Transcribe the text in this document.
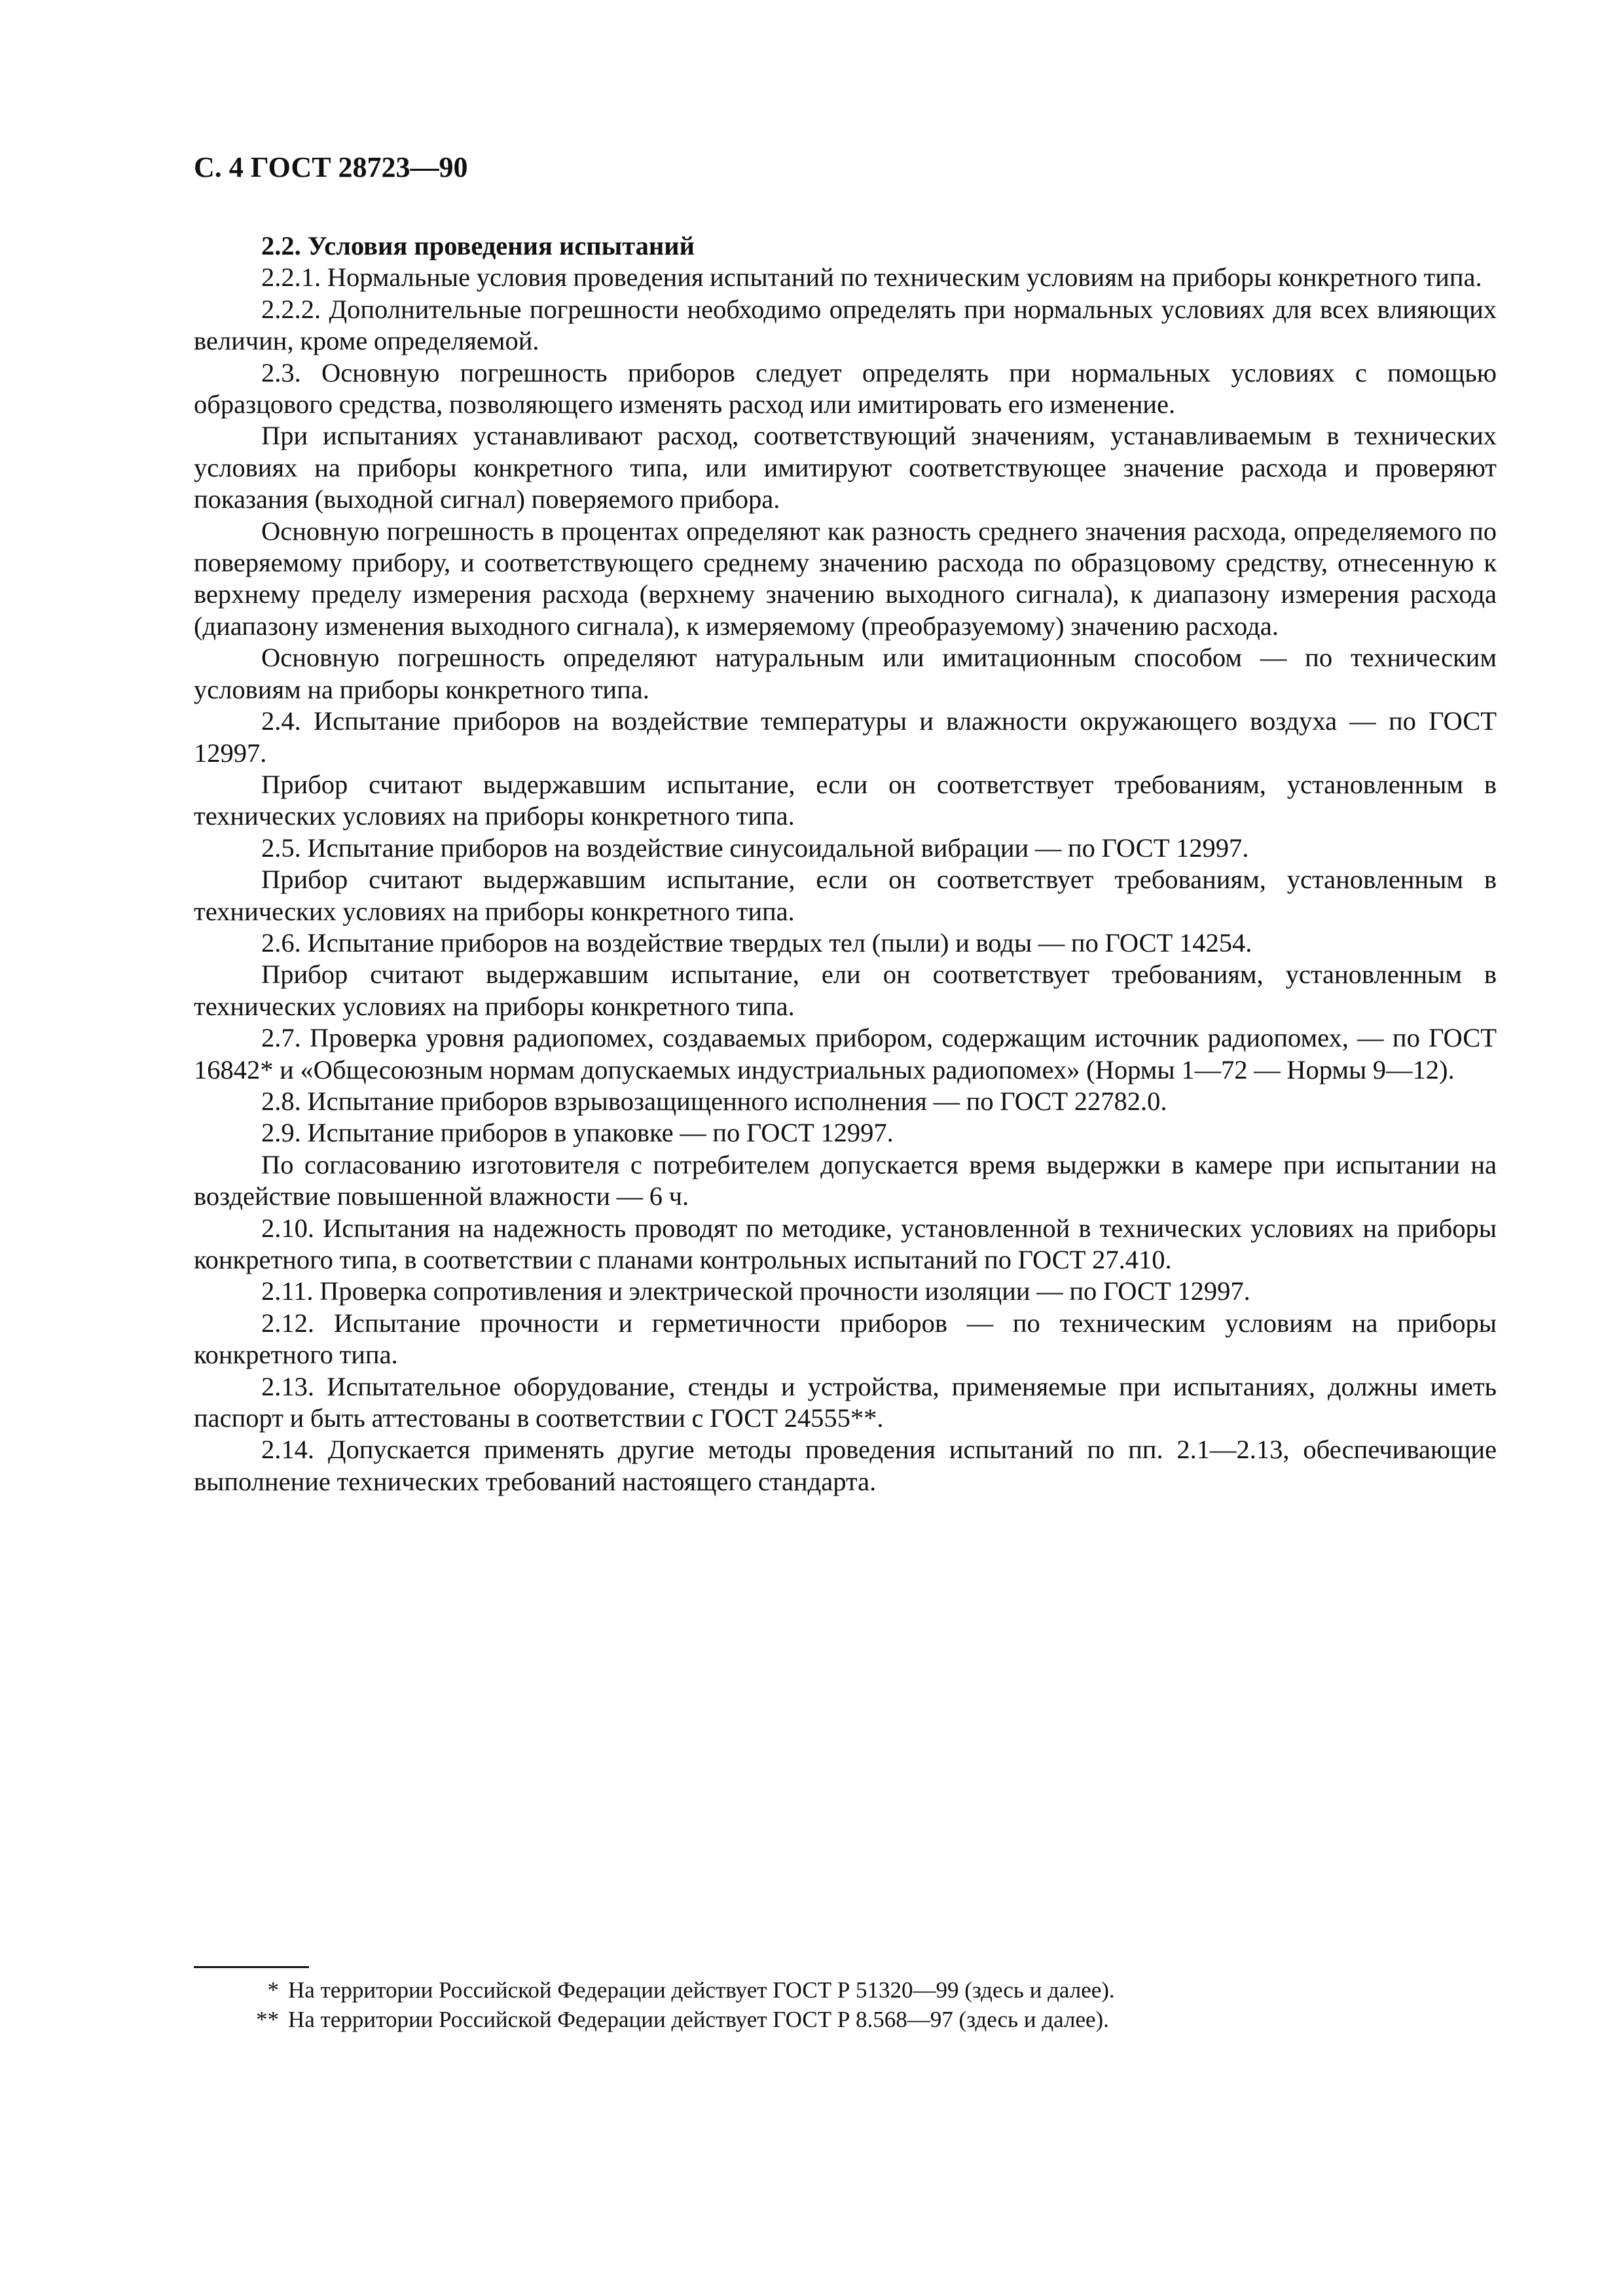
С. 4 ГОСТ 28723—90

2.2. Условия проведения испытаний

2.2.1. Нормальные условия проведения испытаний по техническим условиям на приборы конкретного типа.

2.2.2. Дополнительные погрешности необходимо определять при нормальных условиях для всех влияющих величин, кроме определяемой.

2.3. Основную погрешность приборов следует определять при нормальных условиях с помощью образцового средства, позволяющего изменять расход или имитировать его изменение.

При испытаниях устанавливают расход, соответствующий значениям, устанавливаемым в технических условиях на приборы конкретного типа, или имитируют соответствующее значение расхода и проверяют показания (выходной сигнал) поверяемого прибора.

Основную погрешность в процентах определяют как разность среднего значения расхода, определяемого по поверяемому прибору, и соответствующего среднему значению расхода по образцовому средству, отнесенную к верхнему пределу измерения расхода (верхнему значению выходного сигнала), к диапазону измерения расхода (диапазону изменения выходного сигнала), к измеряемому (преобразуемому) значению расхода.

Основную погрешность определяют натуральным или имитационным способом — по техническим условиям на приборы конкретного типа.

2.4. Испытание приборов на воздействие температуры и влажности окружающего воздуха — по ГОСТ 12997.

Прибор считают выдержавшим испытание, если он соответствует требованиям, установленным в технических условиях на приборы конкретного типа.

2.5. Испытание приборов на воздействие синусоидальной вибрации — по ГОСТ 12997.

Прибор считают выдержавшим испытание, если он соответствует требованиям, установленным в технических условиях на приборы конкретного типа.

2.6. Испытание приборов на воздействие твердых тел (пыли) и воды — по ГОСТ 14254.

Прибор считают выдержавшим испытание, ели он соответствует требованиям, установленным в технических условиях на приборы конкретного типа.

2.7. Проверка уровня радиопомех, создаваемых прибором, содержащим источник радиопомех, — по ГОСТ 16842* и «Общесоюзным нормам допускаемых индустриальных радиопомех» (Нормы 1—72 — Нормы 9—12).

2.8. Испытание приборов взрывозащищенного исполнения — по ГОСТ 22782.0.

2.9. Испытание приборов в упаковке — по ГОСТ 12997.

По согласованию изготовителя с потребителем допускается время выдержки в камере при испытании на воздействие повышенной влажности — 6 ч.

2.10. Испытания на надежность проводят по методике, установленной в технических условиях на приборы конкретного типа, в соответствии с планами контрольных испытаний по ГОСТ 27.410.

2.11. Проверка сопротивления и электрической прочности изоляции — по ГОСТ 12997.

2.12. Испытание прочности и герметичности приборов — по техническим условиям на приборы конкретного типа.

2.13. Испытательное оборудование, стенды и устройства, применяемые при испытаниях, должны иметь паспорт и быть аттестованы в соответствии с ГОСТ 24555**.

2.14. Допускается применять другие методы проведения испытаний по пп. 2.1—2.13, обеспечивающие выполнение технических требований настоящего стандарта.

* На территории Российской Федерации действует ГОСТ Р 51320—99 (здесь и далее).

** На территории Российской Федерации действует ГОСТ Р 8.568—97 (здесь и далее).
